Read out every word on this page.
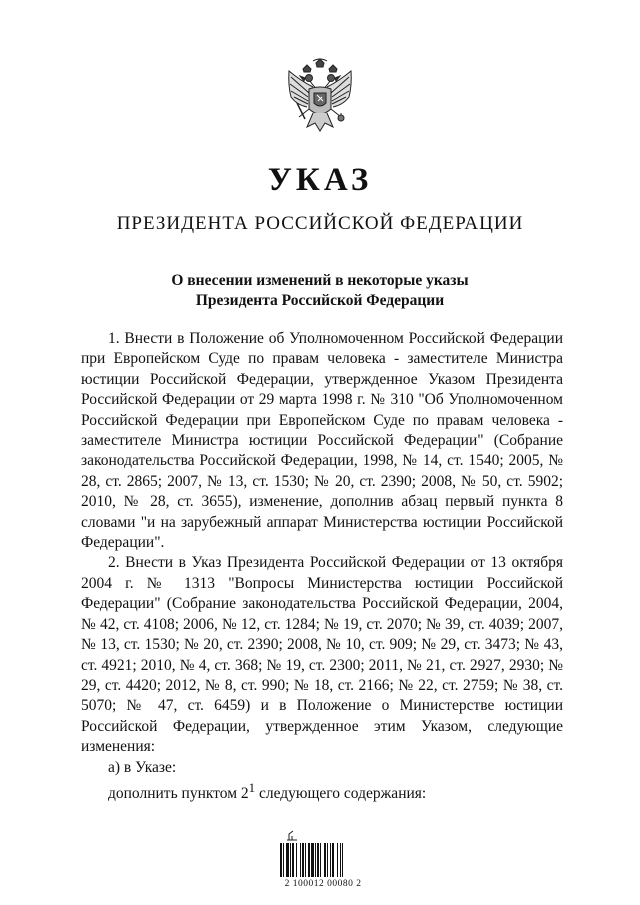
УКАЗ
ПРЕЗИДЕНТА РОССИЙСКОЙ ФЕДЕРАЦИИ
О внесении изменений в некоторые указы
Президента Российской Федерации

1. Внести в Положение об Уполномоченном Российской Федерации при Европейском Суде по правам человека - заместителе Министра юстиции Российской Федерации, утвержденное Указом Президента Российской Федерации от 29 марта 1998 г. № 310 "Об Уполномоченном Российской Федерации при Европейском Суде по правам человека - заместителе Министра юстиции Российской Федерации" (Собрание законодательства Российской Федерации, 1998, № 14, ст. 1540; 2005, № 28, ст. 2865; 2007, № 13, ст. 1530; № 20, ст. 2390; 2008, № 50, ст. 5902; 2010, № 28, ст. 3655), изменение, дополнив абзац первый пункта 8 словами "и на зарубежный аппарат Министерства юстиции Российской Федерации".

2. Внести в Указ Президента Российской Федерации от 13 октября 2004 г. № 1313 "Вопросы Министерства юстиции Российской Федерации" (Собрание законодательства Российской Федерации, 2004, № 42, ст. 4108; 2006, № 12, ст. 1284; № 19, ст. 2070; № 39, ст. 4039; 2007, № 13, ст. 1530; № 20, ст. 2390; 2008, № 10, ст. 909; № 29, ст. 3473; № 43, ст. 4921; 2010, № 4, ст. 368; № 19, ст. 2300; 2011, № 21, ст. 2927, 2930; № 29, ст. 4420; 2012, № 8, ст. 990; № 18, ст. 2166; № 22, ст. 2759; № 38, ст. 5070; № 47, ст. 6459) и в Положение о Министерстве юстиции Российской Федерации, утвержденное этим Указом, следующие изменения:

а) в Указе:

дополнить пунктом $2^1$ следующего содержания:

2 100012 00080 2
